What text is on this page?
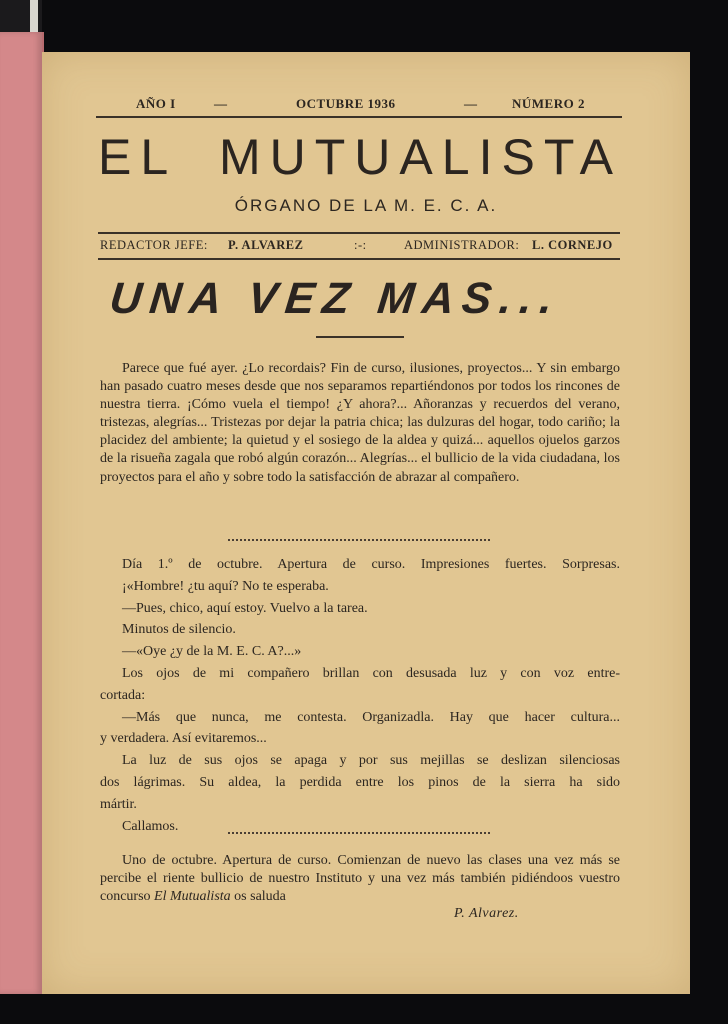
AÑO I	—	OCTUBRE 1936	—	NÚMERO 2
EL MUTUALISTA
ÓRGANO DE LA M. E. C. A.
REDACTOR JEFE: P. ALVAREZ	:-:	ADMINISTRADOR: L. CORNEJO
UNA VEZ MAS...

Parece que fué ayer. ¿Lo recordais? Fin de curso, ilusiones, proyectos... Y sin embargo han pasado cuatro meses desde que nos separamos repartiéndonos por todos los rincones de nuestra tierra. ¡Cómo vuela el tiempo! ¿Y ahora?... Añoranzas y recuerdos del verano, tristezas, alegrías... Tristezas por dejar la patria chica; las dulzuras del hogar, todo cariño; la placidez del ambiente; la quietud y el sosiego de la aldea y quizá... aquellos ojuelos garzos de la risueña zagala que robó algún corazón... Alegrías... el bullicio de la vida ciudadana, los proyectos para el año y sobre todo la satisfacción de abrazar al compañero.

Día 1.º de octubre. Apertura de curso. Impresiones fuertes. Sorpresas.
¡«Hombre! ¿tu aquí? No te esperaba.
—Pues, chico, aquí estoy. Vuelvo a la tarea.
Minutos de silencio.
—«Oye ¿y de la M. E. C. A?...»
Los ojos de mi compañero brillan con desusada luz y con voz entre-
cortada:
—Más que nunca, me contesta. Organizadla. Hay que hacer cultura...
y verdadera. Así evitaremos...
La luz de sus ojos se apaga y por sus mejillas se deslizan silenciosas
dos lágrimas. Su aldea, la perdida entre los pinos de la sierra ha sido
mártir.
Callamos.

Uno de octubre. Apertura de curso. Comienzan de nuevo las clases una vez más se percibe el riente bullicio de nuestro Instituto y una vez más también pidiéndoos vuestro concurso El Mutualista os saluda

P. Alvarez.
